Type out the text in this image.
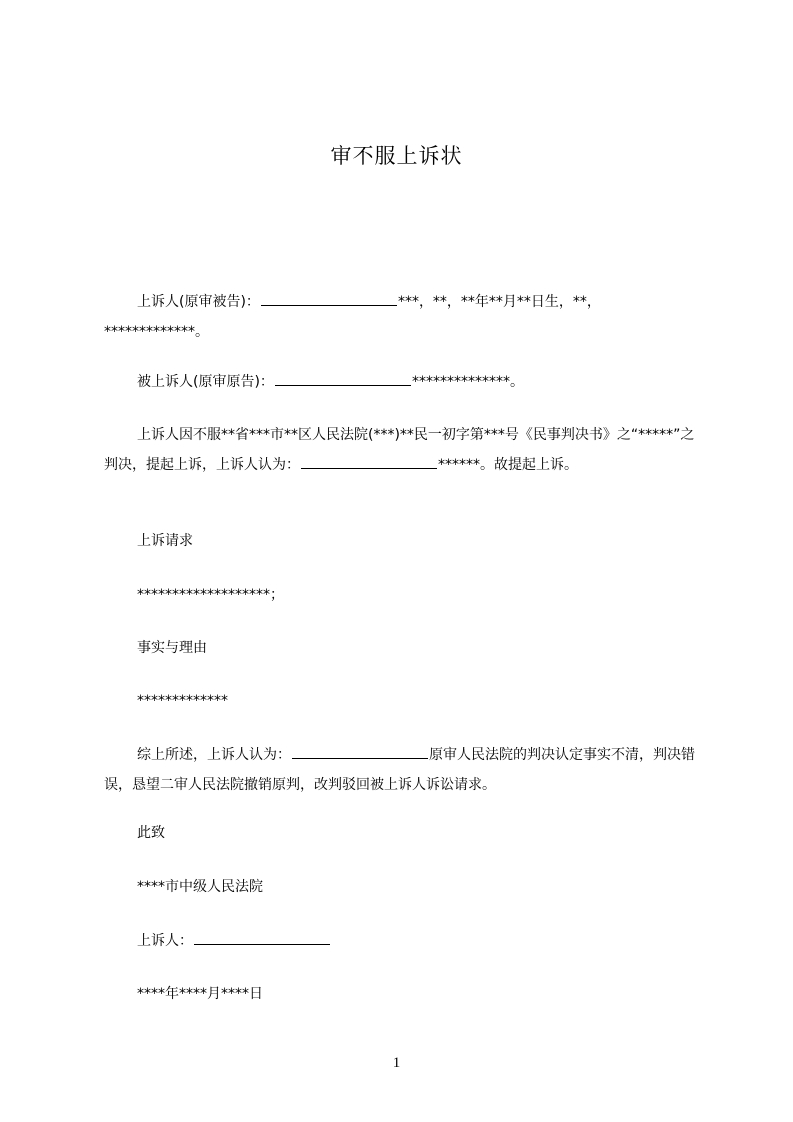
审不服上诉状
上诉人(原审被告)：	***，**，**年**月**日生，**，*************。
被上诉人(原审原告)：	**************。
上诉人因不服**省***市**区人民法院(***)**民一初字第***号《民事判决书》之“*****”之判决，提起上诉，上诉人认为：	******。故提起上诉。
上诉请求
*******************；
事实与理由
*************
综上所述，上诉人认为：	原审人民法院的判决认定事实不清，判决错误，恳望二审人民法院撤销原判，改判驳回被上诉人诉讼请求。
此致
****市中级人民法院
上诉人：
****年****月****日
1
